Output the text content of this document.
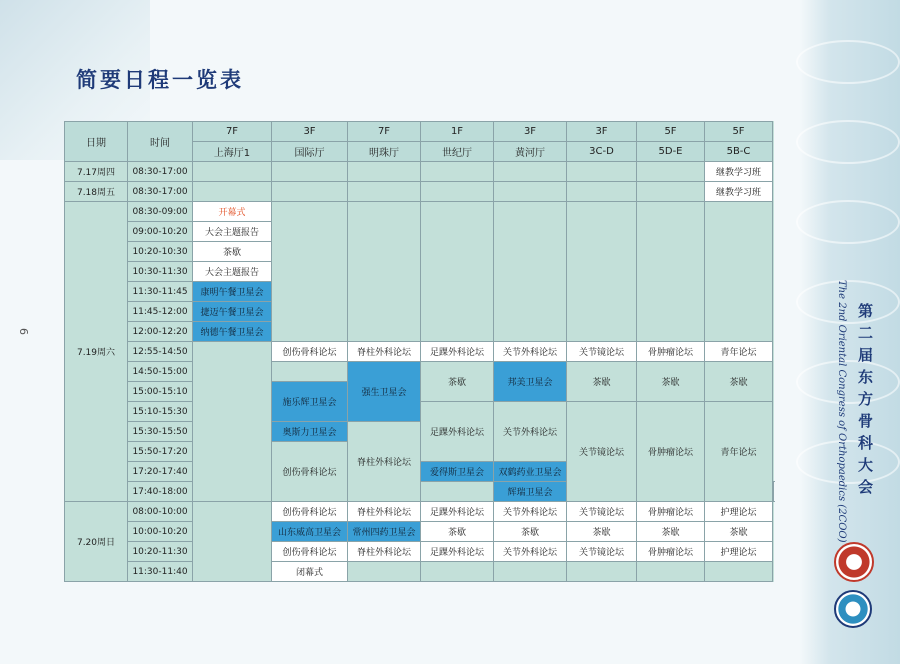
简要日程一览表
6
第二届东方骨科大会
The 2nd Oriental Congress of Orthopaedics (2COO)
日期	时间	7F	3F	7F	1F	3F	3F	5F	5F	
		上海厅1	国际厅	明珠厅	世纪厅	黄河厅	3C-D	5D-E	5B-C	
7.17周四	08:30-17:00								继教学习班	
7.18周五	08:30-17:00								继教学习班	
7.19周六	08:30-09:00	开幕式								
	09:00-10:20	大会主题报告								
	10:20-10:30	茶歇								
	10:30-11:30	大会主题报告								
	11:30-11:45	康明午餐卫星会								
	11:45-12:00	捷迈午餐卫星会								
	12:00-12:20	纳德午餐卫星会								
	12:55-14:50		创伤骨科论坛	脊柱外科论坛	足踝外科论坛	关节外科论坛	关节镜论坛	骨肿瘤论坛	青年论坛	
	14:50-15:00			强生卫星会	茶歇	邦美卫星会	茶歇	茶歇	茶歇	
	15:00-15:10		施乐辉卫星会							
	15:10-15:30				足踝外科论坛	关节外科论坛	关节镜论坛	骨肿瘤论坛	青年论坛	
	15:30-15:50		奥斯力卫星会	脊柱外科论坛						
	15:50-17:20		创伤骨科论坛							
	17:20-17:40				爱得斯卫星会	双鹤药业卫星会				
	17:40-18:00					辉瑞卫星会				
7.20周日	08:00-10:00		创伤骨科论坛	脊柱外科论坛	足踝外科论坛	关节外科论坛	关节镜论坛	骨肿瘤论坛	护理论坛	
	10:00-10:20		山东威高卫星会	常州四药卫星会	茶歇	茶歇	茶歇	茶歇	茶歇	
	10:20-11:30		创伤骨科论坛	脊柱外科论坛	足踝外科论坛	关节外科论坛	关节镜论坛	骨肿瘤论坛	护理论坛	
	11:30-11:40		闭幕式							
